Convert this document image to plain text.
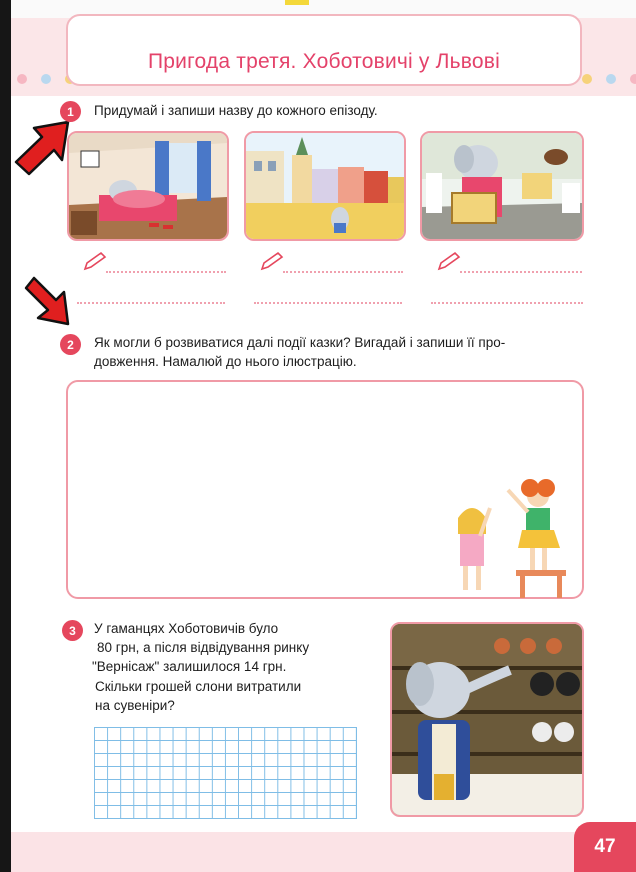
Пригода третя. Хоботовичі у Львові
1	Придумай і запиши назву до кожного епізоду.
2	Як могли б розвиватися далі події казки? Вигадай і запиши її про-
довження. Намалюй до нього ілюстрацію.
3	У гаманцях Хоботовичів було
80 грн, а після відвідування ринку
"Вернісаж" залишилося 14 грн.
Скільки грошей слони витратили
на сувеніри?
47
